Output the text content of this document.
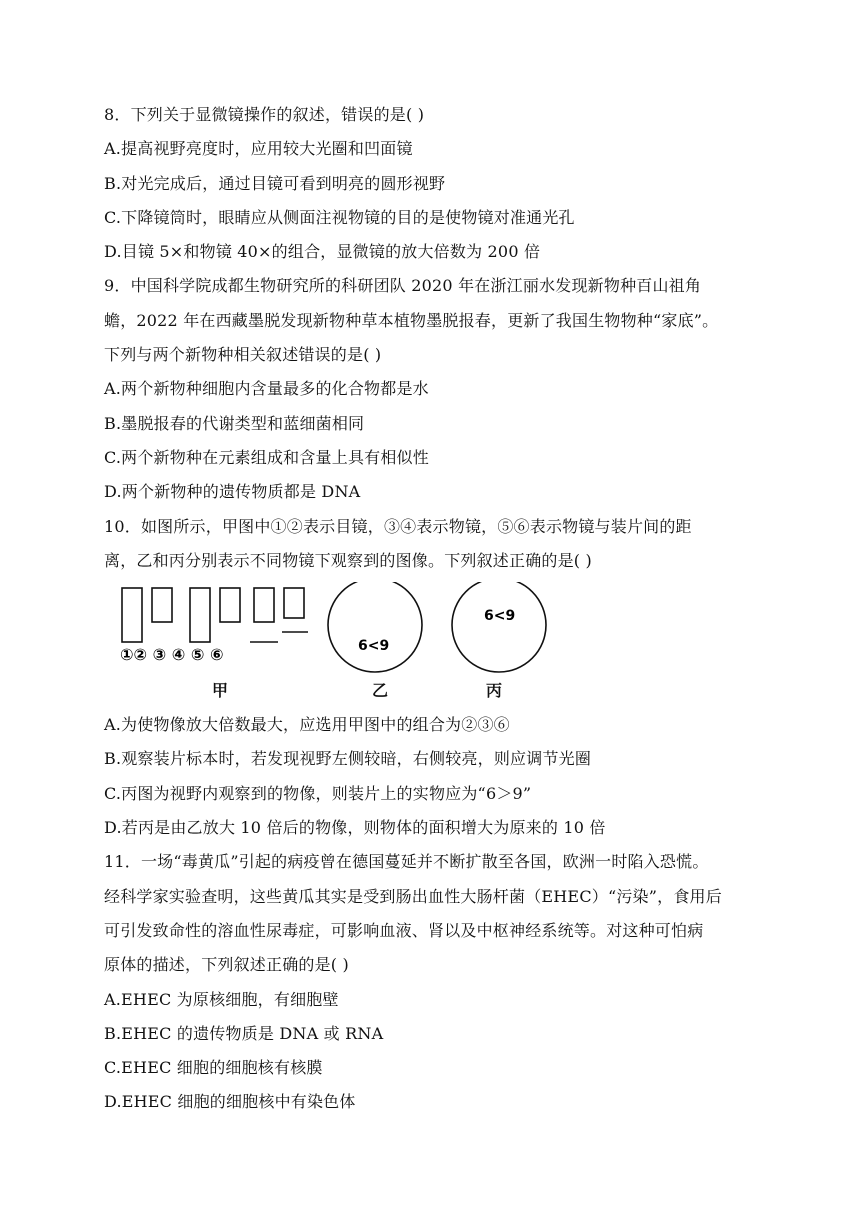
8．下列关于显微镜操作的叙述，错误的是( )
A.提高视野亮度时，应用较大光圈和凹面镜
B.对光完成后，通过目镜可看到明亮的圆形视野
C.下降镜筒时，眼睛应从侧面注视物镜的目的是使物镜对准通光孔
D.目镜 5×和物镜 40×的组合，显微镜的放大倍数为 200 倍
9．中国科学院成都生物研究所的科研团队 2020 年在浙江丽水发现新物种百山祖角
蟾，2022 年在西藏墨脱发现新物种草本植物墨脱报春，更新了我国生物物种“家底”。
下列与两个新物种相关叙述错误的是( )
A.两个新物种细胞内含量最多的化合物都是水
B.墨脱报春的代谢类型和蓝细菌相同
C.两个新物种在元素组成和含量上具有相似性
D.两个新物种的遗传物质都是 DNA
10．如图所示，甲图中①②表示目镜，③④表示物镜，⑤⑥表示物镜与装片间的距
离，乙和丙分别表示不同物镜下观察到的图像。下列叙述正确的是( )
①② ③ ④ ⑤ ⑥	6<9
6<9
甲	乙	丙
A.为使物像放大倍数最大，应选用甲图中的组合为②③⑥
B.观察装片标本时，若发现视野左侧较暗，右侧较亮，则应调节光圈
C.丙图为视野内观察到的物像，则装片上的实物应为“6＞9”
D.若丙是由乙放大 10 倍后的物像，则物体的面积增大为原来的 10 倍
11．一场“毒黄瓜”引起的病疫曾在德国蔓延并不断扩散至各国，欧洲一时陷入恐慌。
经科学家实验查明，这些黄瓜其实是受到肠出血性大肠杆菌（EHEC）“污染”，食用后
可引发致命性的溶血性尿毒症，可影响血液、肾以及中枢神经系统等。对这种可怕病
原体的描述，下列叙述正确的是( )
A.EHEC 为原核细胞，有细胞壁
B.EHEC 的遗传物质是 DNA 或 RNA
C.EHEC 细胞的细胞核有核膜
D.EHEC 细胞的细胞核中有染色体
